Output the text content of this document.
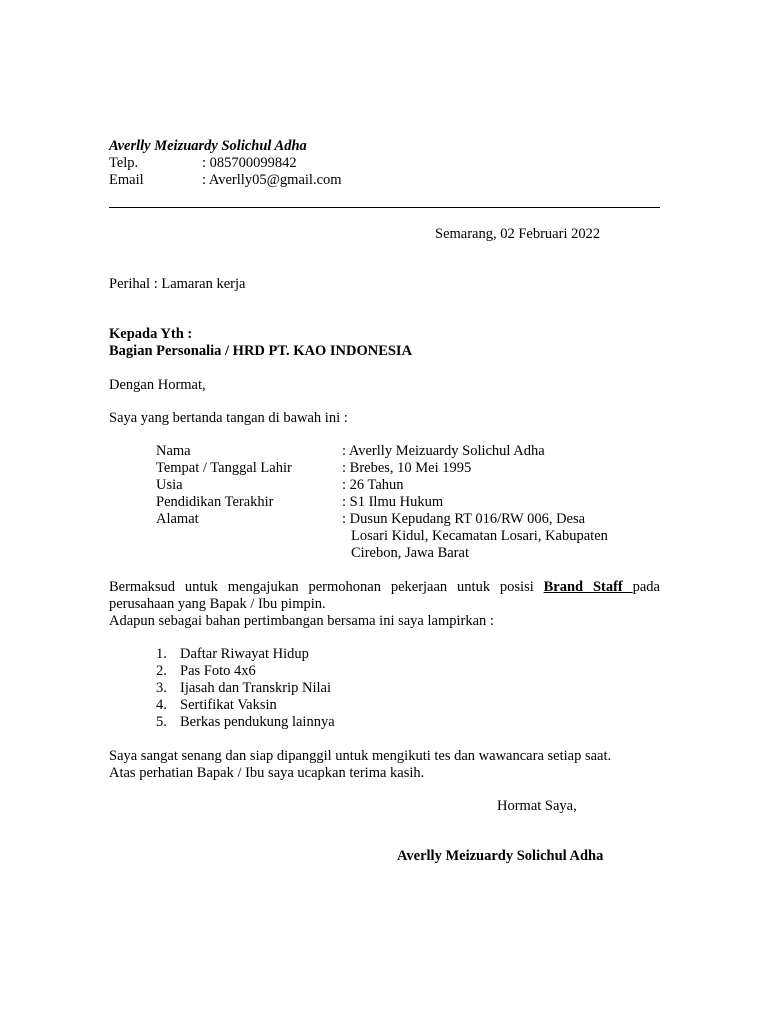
Averlly Meizuardy Solichul Adha
Telp.	: 085700099842
Email	: Averlly05@gmail.com
Semarang, 02 Februari 2022
Perihal : Lamaran kerja
Kepada Yth :
Bagian Personalia / HRD PT. KAO INDONESIA
Dengan Hormat,
Saya yang bertanda tangan di bawah ini :
Nama	: Averlly Meizuardy Solichul Adha
Tempat / Tanggal Lahir	: Brebes, 10 Mei 1995
Usia	: 26 Tahun
Pendidikan Terakhir	: S1 Ilmu Hukum
Alamat	: Dusun Kepudang RT 016/RW 006, Desa
Losari Kidul, Kecamatan Losari, Kabupaten
Cirebon, Jawa Barat
Bermaksud untuk mengajukan permohonan pekerjaan untuk posisi Brand Staff pada
perusahaan yang Bapak / Ibu pimpin.
Adapun sebagai bahan pertimbangan bersama ini saya lampirkan :
1. Daftar Riwayat Hidup
2. Pas Foto 4x6
3. Ijasah dan Transkrip Nilai
4. Sertifikat Vaksin
5. Berkas pendukung lainnya
Saya sangat senang dan siap dipanggil untuk mengikuti tes dan wawancara setiap saat.
Atas perhatian Bapak / Ibu saya ucapkan terima kasih.
Hormat Saya,
Averlly Meizuardy Solichul Adha
